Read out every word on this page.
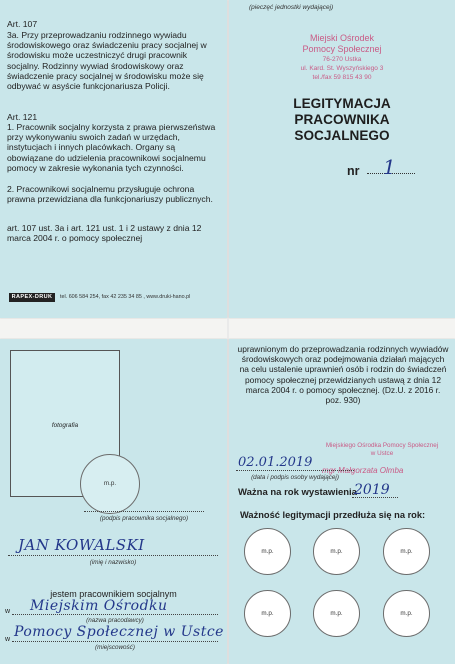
Art. 107
3a. Przy przeprowadzaniu rodzinnego wywiadu środowiskowego oraz świadczeniu pracy socjalnej w środowisku może uczestniczyć drugi pracownik socjalny. Rodzinny wywiad środowiskowy oraz świadczenie pracy socjalnej w środowisku może się odbywać w asyście funkcjonariusza Policji.
Art. 121
1. Pracownik socjalny korzysta z prawa pierwszeństwa przy wykonywaniu swoich zadań w urzędach, instytucjach i innych placówkach. Organy są obowiązane do udzielenia pracownikowi socjalnemu pomocy w zakresie wykonania tych czynności.
2. Pracownikowi socjalnemu przysługuje ochrona prawna przewidziana dla funkcjonariuszy publicznych.
art. 107 ust. 3a i art. 121 ust. 1 i 2 ustawy z dnia 12 marca 2004 r. o pomocy społecznej
RAPEX-DRUK	tel. 606 584 254, fax 42 235 34 85 , www.druki-hano.pl
(pieczęć jednostki wydającej)
Miejski Ośrodek
Pomocy Społecznej
76-270 Ustka
ul. Kard. St. Wyszyńskiego 3
tel./fax 59 815 43 90
LEGITYMACJA
PRACOWNIKA
SOCJALNEGO
nr 1
fotografia
m.p.
(podpis pracownika socjalnego)
JAN KOWALSKI
(imię i nazwisko)
jestem pracownikiem socjalnym
w Miejskim Ośrodku
(nazwa pracodawcy)
w Pomocy Społecznej w Ustce
(miejscowość)
uprawnionym do przeprowadzania rodzinnych wywiadów środowiskowych oraz podejmowania działań mających na celu ustalenie uprawnień osób i rodzin do świadczeń pomocy społecznej przewidzianych ustawą z dnia 12 marca 2004 r. o pomocy społecznej. (Dz.U. z 2016 r. poz. 930)
Miejskiego Ośrodka Pomocy Społecznej
w Ustce
02.01.2019
mgr Małgorzata Olmba
(data i podpis osoby wydającej)
Ważna na rok wystawienia
2019
Ważność legitymacji przedłuża się na rok:
m.p.	m.p.	m.p.
m.p.	m.p.	m.p.
